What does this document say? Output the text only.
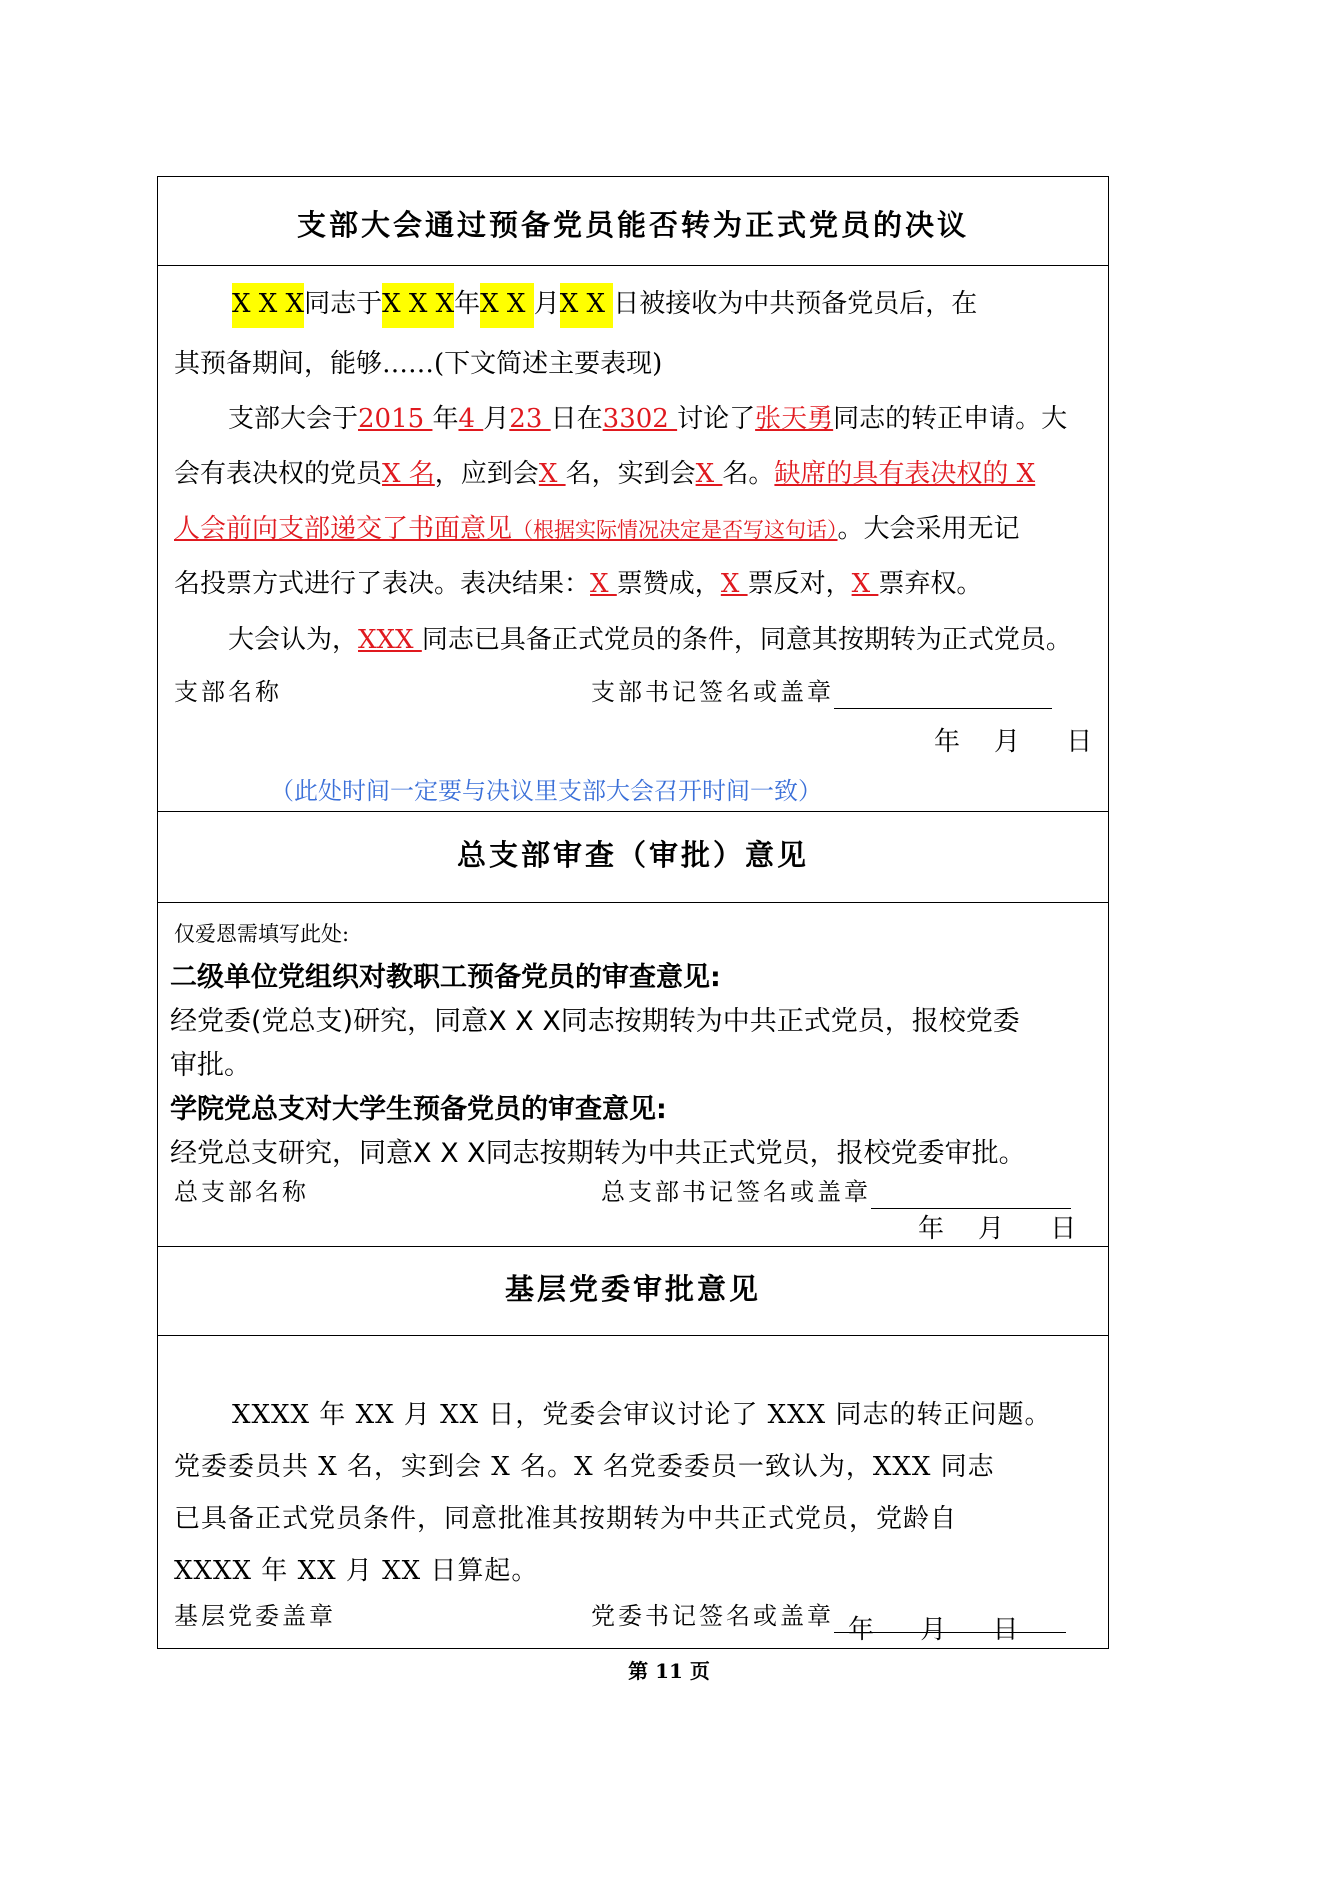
支部大会通过预备党员能否转为正式党员的决议
X X X同志于X X X年X X 月X X 日被接收为中共预备党员后，在
其预备期间，能够……(下文简述主要表现)
支部大会于2015 年4 月23 日在3302 讨论了张天勇同志的转正申请。大
会有表决权的党员X 名，应到会X 名，实到会X 名。缺席的具有表决权的 X
人会前向支部递交了书面意见（根据实际情况决定是否写这句话）。大会采用无记
名投票方式进行了表决。表决结果：X 票赞成，X 票反对，X 票弃权。
大会认为，XXX 同志已具备正式党员的条件，同意其按期转为正式党员。
支部名称	支部书记签名或盖章
年　月　 日
（此处时间一定要与决议里支部大会召开时间一致）
总支部审查（审批）意见
仅爱恩需填写此处:
二级单位党组织对教职工预备党员的审查意见:
经党委(党总支)研究，同意X X X同志按期转为中共正式党员，报校党委
审批。
学院党总支对大学生预备党员的审查意见:
经党总支研究，同意X X X同志按期转为中共正式党员，报校党委审批。
总支部名称	总支部书记签名或盖章
年　月　 日
基层党委审批意见
XXXX 年 XX 月 XX 日，党委会审议讨论了 XXX 同志的转正问题。
党委委员共 X 名，实到会 X 名。X 名党委委员一致认为，XXX 同志
已具备正式党员条件，同意批准其按期转为中共正式党员，党龄自
XXXX 年 XX 月 XX 日算起。
基层党委盖章	党委书记签名或盖章 年　 月　 日
第 11 页
